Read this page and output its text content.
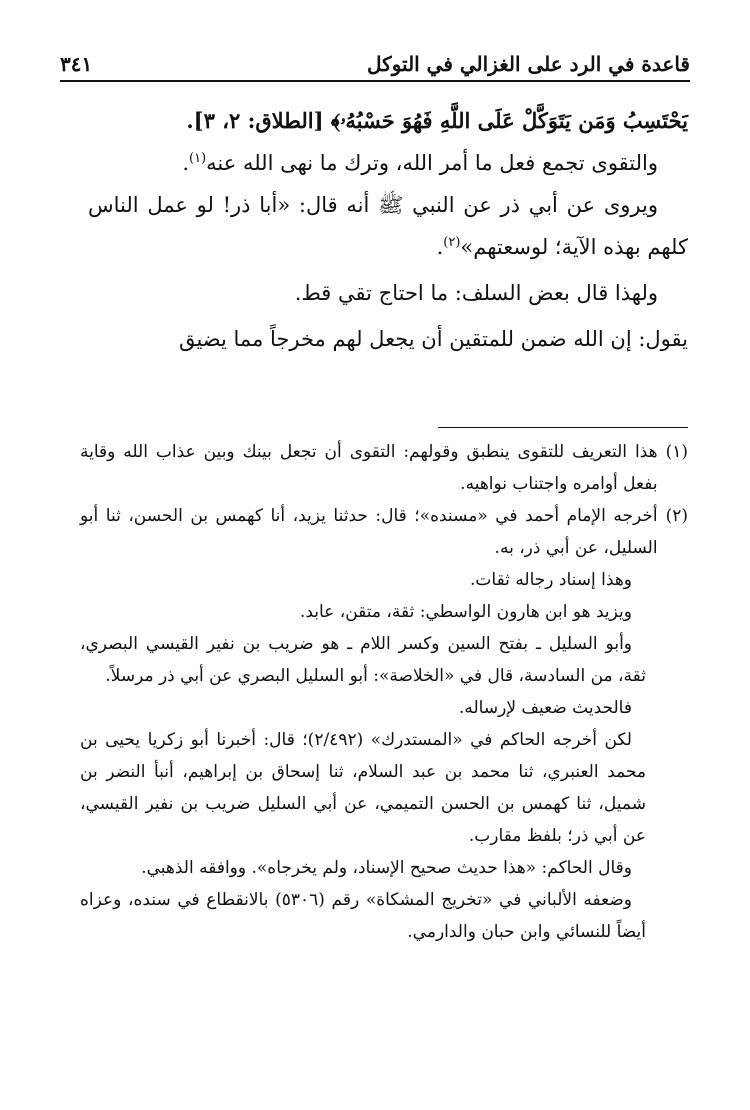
٣٤١	قاعدة في الرد على الغزالي في التوكل

يَحْتَسِبُ وَمَن يَتَوَكَّلْ عَلَى اللَّهِ فَهُوَ حَسْبُهُۥ﴾ [الطلاق: ٢، ٣].

والتقوى تجمع فعل ما أمر الله، وترك ما نهى الله عنه$^{(١)}$.

ويروى عن أبي ذر عن النبي ﷺ أنه قال: «أبا ذر! لو عمل الناس كلهم بهذه الآية؛ لوسعتهم»$^{(٢)}$.

ولهذا قال بعض السلف: ما احتاج تقي قط.

يقول: إن الله ضمن للمتقين أن يجعل لهم مخرجاً مما يضيق

(١)
هذا التعريف للتقوى ينطبق وقولهم: التقوى أن تجعل بينك وبين عذاب الله وقاية بفعل أوامره واجتناب نواهيه.
(٢)
أخرجه الإمام أحمد في «مسنده»؛ قال: حدثنا يزيد، أنا كهمس بن الحسن، ثنا أبو السليل، عن أبي ذر، به.

وهذا إسناد رجاله ثقات.

ويزيد هو ابن هارون الواسطي: ثقة، متقن، عابد.

وأبو السليل ـ بفتح السين وكسر اللام ـ هو ضريب بن نفير القيسي البصري، ثقة، من السادسة، قال في «الخلاصة»: أبو السليل البصري عن أبي ذر مرسلاً.

فالحديث ضعيف لإرساله.

لكن أخرجه الحاكم في «المستدرك» (٢/٤٩٢)؛ قال: أخبرنا أبو زكريا يحيى بن محمد العنبري، ثنا محمد بن عبد السلام، ثنا إسحاق بن إبراهيم، أنبأ النضر بن شميل، ثنا كهمس بن الحسن التميمي، عن أبي السليل ضريب بن نفير القيسي، عن أبي ذر؛ بلفظ مقارب.

وقال الحاكم: «هذا حديث صحيح الإسناد، ولم يخرجاه». ووافقه الذهبي.

وضعفه الألباني في «تخريج المشكاة» رقم (٥٣٠٦) بالانقطاع في سنده، وعزاه أيضاً للنسائي وابن حبان والدارمي.
